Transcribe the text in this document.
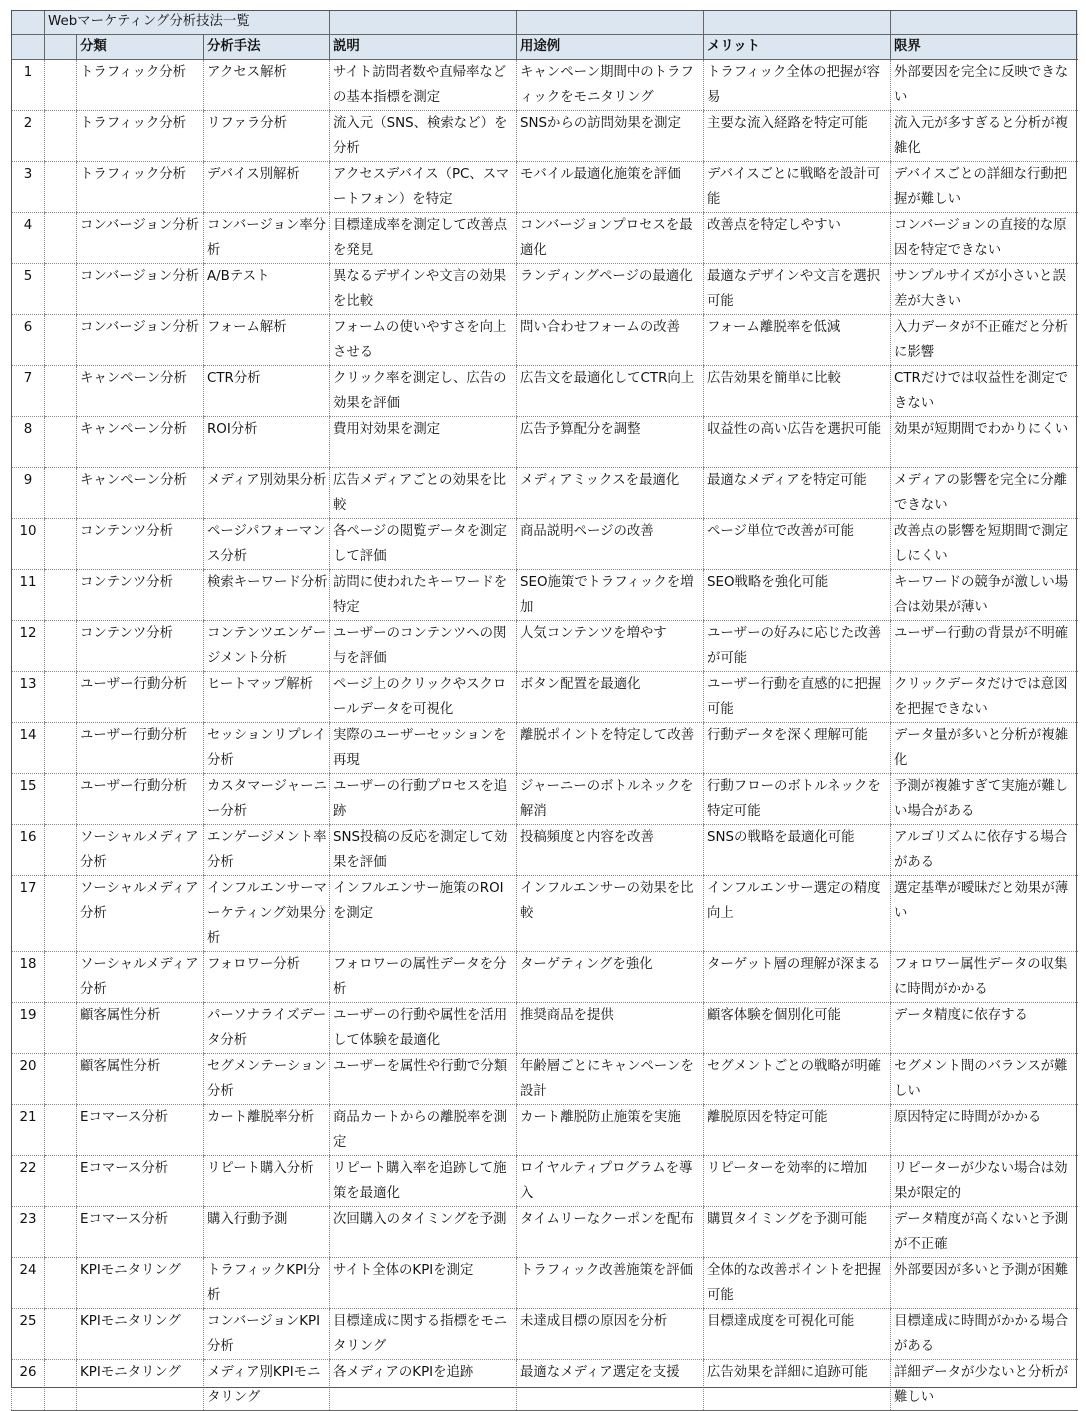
	Webマーケティング分析技法一覧						
		分類	分析手法	説明	用途例	メリット	限界
1		トラフィック分析	アクセス解析	サイト訪問者数や直帰率などの基本指標を測定	キャンペーン期間中のトラフィックをモニタリング	トラフィック全体の把握が容易	外部要因を完全に反映できない
2		トラフィック分析	リファラ分析	流入元（SNS、検索など）を分析	SNSからの訪問効果を測定	主要な流入経路を特定可能	流入元が多すぎると分析が複雑化
3		トラフィック分析	デバイス別解析	アクセスデバイス（PC、スマートフォン）を特定	モバイル最適化施策を評価	デバイスごとに戦略を設計可能	デバイスごとの詳細な行動把握が難しい
4		コンバージョン分析	コンバージョン率分析	目標達成率を測定して改善点を発見	コンバージョンプロセスを最適化	改善点を特定しやすい	コンバージョンの直接的な原因を特定できない
5		コンバージョン分析	A/Bテスト	異なるデザインや文言の効果を比較	ランディングページの最適化	最適なデザインや文言を選択可能	サンプルサイズが小さいと誤差が大きい
6		コンバージョン分析	フォーム解析	フォームの使いやすさを向上させる	問い合わせフォームの改善	フォーム離脱率を低減	入力データが不正確だと分析に影響
7		キャンペーン分析	CTR分析	クリック率を測定し、広告の効果を評価	広告文を最適化してCTR向上	広告効果を簡単に比較	CTRだけでは収益性を測定できない
8		キャンペーン分析	ROI分析	費用対効果を測定	広告予算配分を調整	収益性の高い広告を選択可能	効果が短期間でわかりにくい
9		キャンペーン分析	メディア別効果分析	広告メディアごとの効果を比較	メディアミックスを最適化	最適なメディアを特定可能	メディアの影響を完全に分離できない
10		コンテンツ分析	ページパフォーマンス分析	各ページの閲覧データを測定して評価	商品説明ページの改善	ページ単位で改善が可能	改善点の影響を短期間で測定しにくい
11		コンテンツ分析	検索キーワード分析	訪問に使われたキーワードを特定	SEO施策でトラフィックを増加	SEO戦略を強化可能	キーワードの競争が激しい場合は効果が薄い
12		コンテンツ分析	コンテンツエンゲージメント分析	ユーザーのコンテンツへの関与を評価	人気コンテンツを増やす	ユーザーの好みに応じた改善が可能	ユーザー行動の背景が不明確
13		ユーザー行動分析	ヒートマップ解析	ページ上のクリックやスクロールデータを可視化	ボタン配置を最適化	ユーザー行動を直感的に把握可能	クリックデータだけでは意図を把握できない
14		ユーザー行動分析	セッションリプレイ分析	実際のユーザーセッションを再現	離脱ポイントを特定して改善	行動データを深く理解可能	データ量が多いと分析が複雑化
15		ユーザー行動分析	カスタマージャーニー分析	ユーザーの行動プロセスを追跡	ジャーニーのボトルネックを解消	行動フローのボトルネックを特定可能	予測が複雑すぎて実施が難しい場合がある
16		ソーシャルメディア分析	エンゲージメント率分析	SNS投稿の反応を測定して効果を評価	投稿頻度と内容を改善	SNSの戦略を最適化可能	アルゴリズムに依存する場合がある
17		ソーシャルメディア分析	インフルエンサーマーケティング効果分析	インフルエンサー施策のROIを測定	インフルエンサーの効果を比較	インフルエンサー選定の精度向上	選定基準が曖昧だと効果が薄い
18		ソーシャルメディア分析	フォロワー分析	フォロワーの属性データを分析	ターゲティングを強化	ターゲット層の理解が深まる	フォロワー属性データの収集に時間がかかる
19		顧客属性分析	パーソナライズデータ分析	ユーザーの行動や属性を活用して体験を最適化	推奨商品を提供	顧客体験を個別化可能	データ精度に依存する
20		顧客属性分析	セグメンテーション分析	ユーザーを属性や行動で分類	年齢層ごとにキャンペーンを設計	セグメントごとの戦略が明確	セグメント間のバランスが難しい
21		Eコマース分析	カート離脱率分析	商品カートからの離脱率を測定	カート離脱防止施策を実施	離脱原因を特定可能	原因特定に時間がかかる
22		Eコマース分析	リピート購入分析	リピート購入率を追跡して施策を最適化	ロイヤルティプログラムを導入	リピーターを効率的に増加	リピーターが少ない場合は効果が限定的
23		Eコマース分析	購入行動予測	次回購入のタイミングを予測	タイムリーなクーポンを配布	購買タイミングを予測可能	データ精度が高くないと予測が不正確
24		KPIモニタリング	トラフィックKPI分析	サイト全体のKPIを測定	トラフィック改善施策を評価	全体的な改善ポイントを把握可能	外部要因が多いと予測が困難
25		KPIモニタリング	コンバージョンKPI分析	目標達成に関する指標をモニタリング	未達成目標の原因を分析	目標達成度を可視化可能	目標達成に時間がかかる場合がある
26		KPIモニタリング	メディア別KPIモニタリング	各メディアのKPIを追跡	最適なメディア選定を支援	広告効果を詳細に追跡可能	詳細データが少ないと分析が難しい
